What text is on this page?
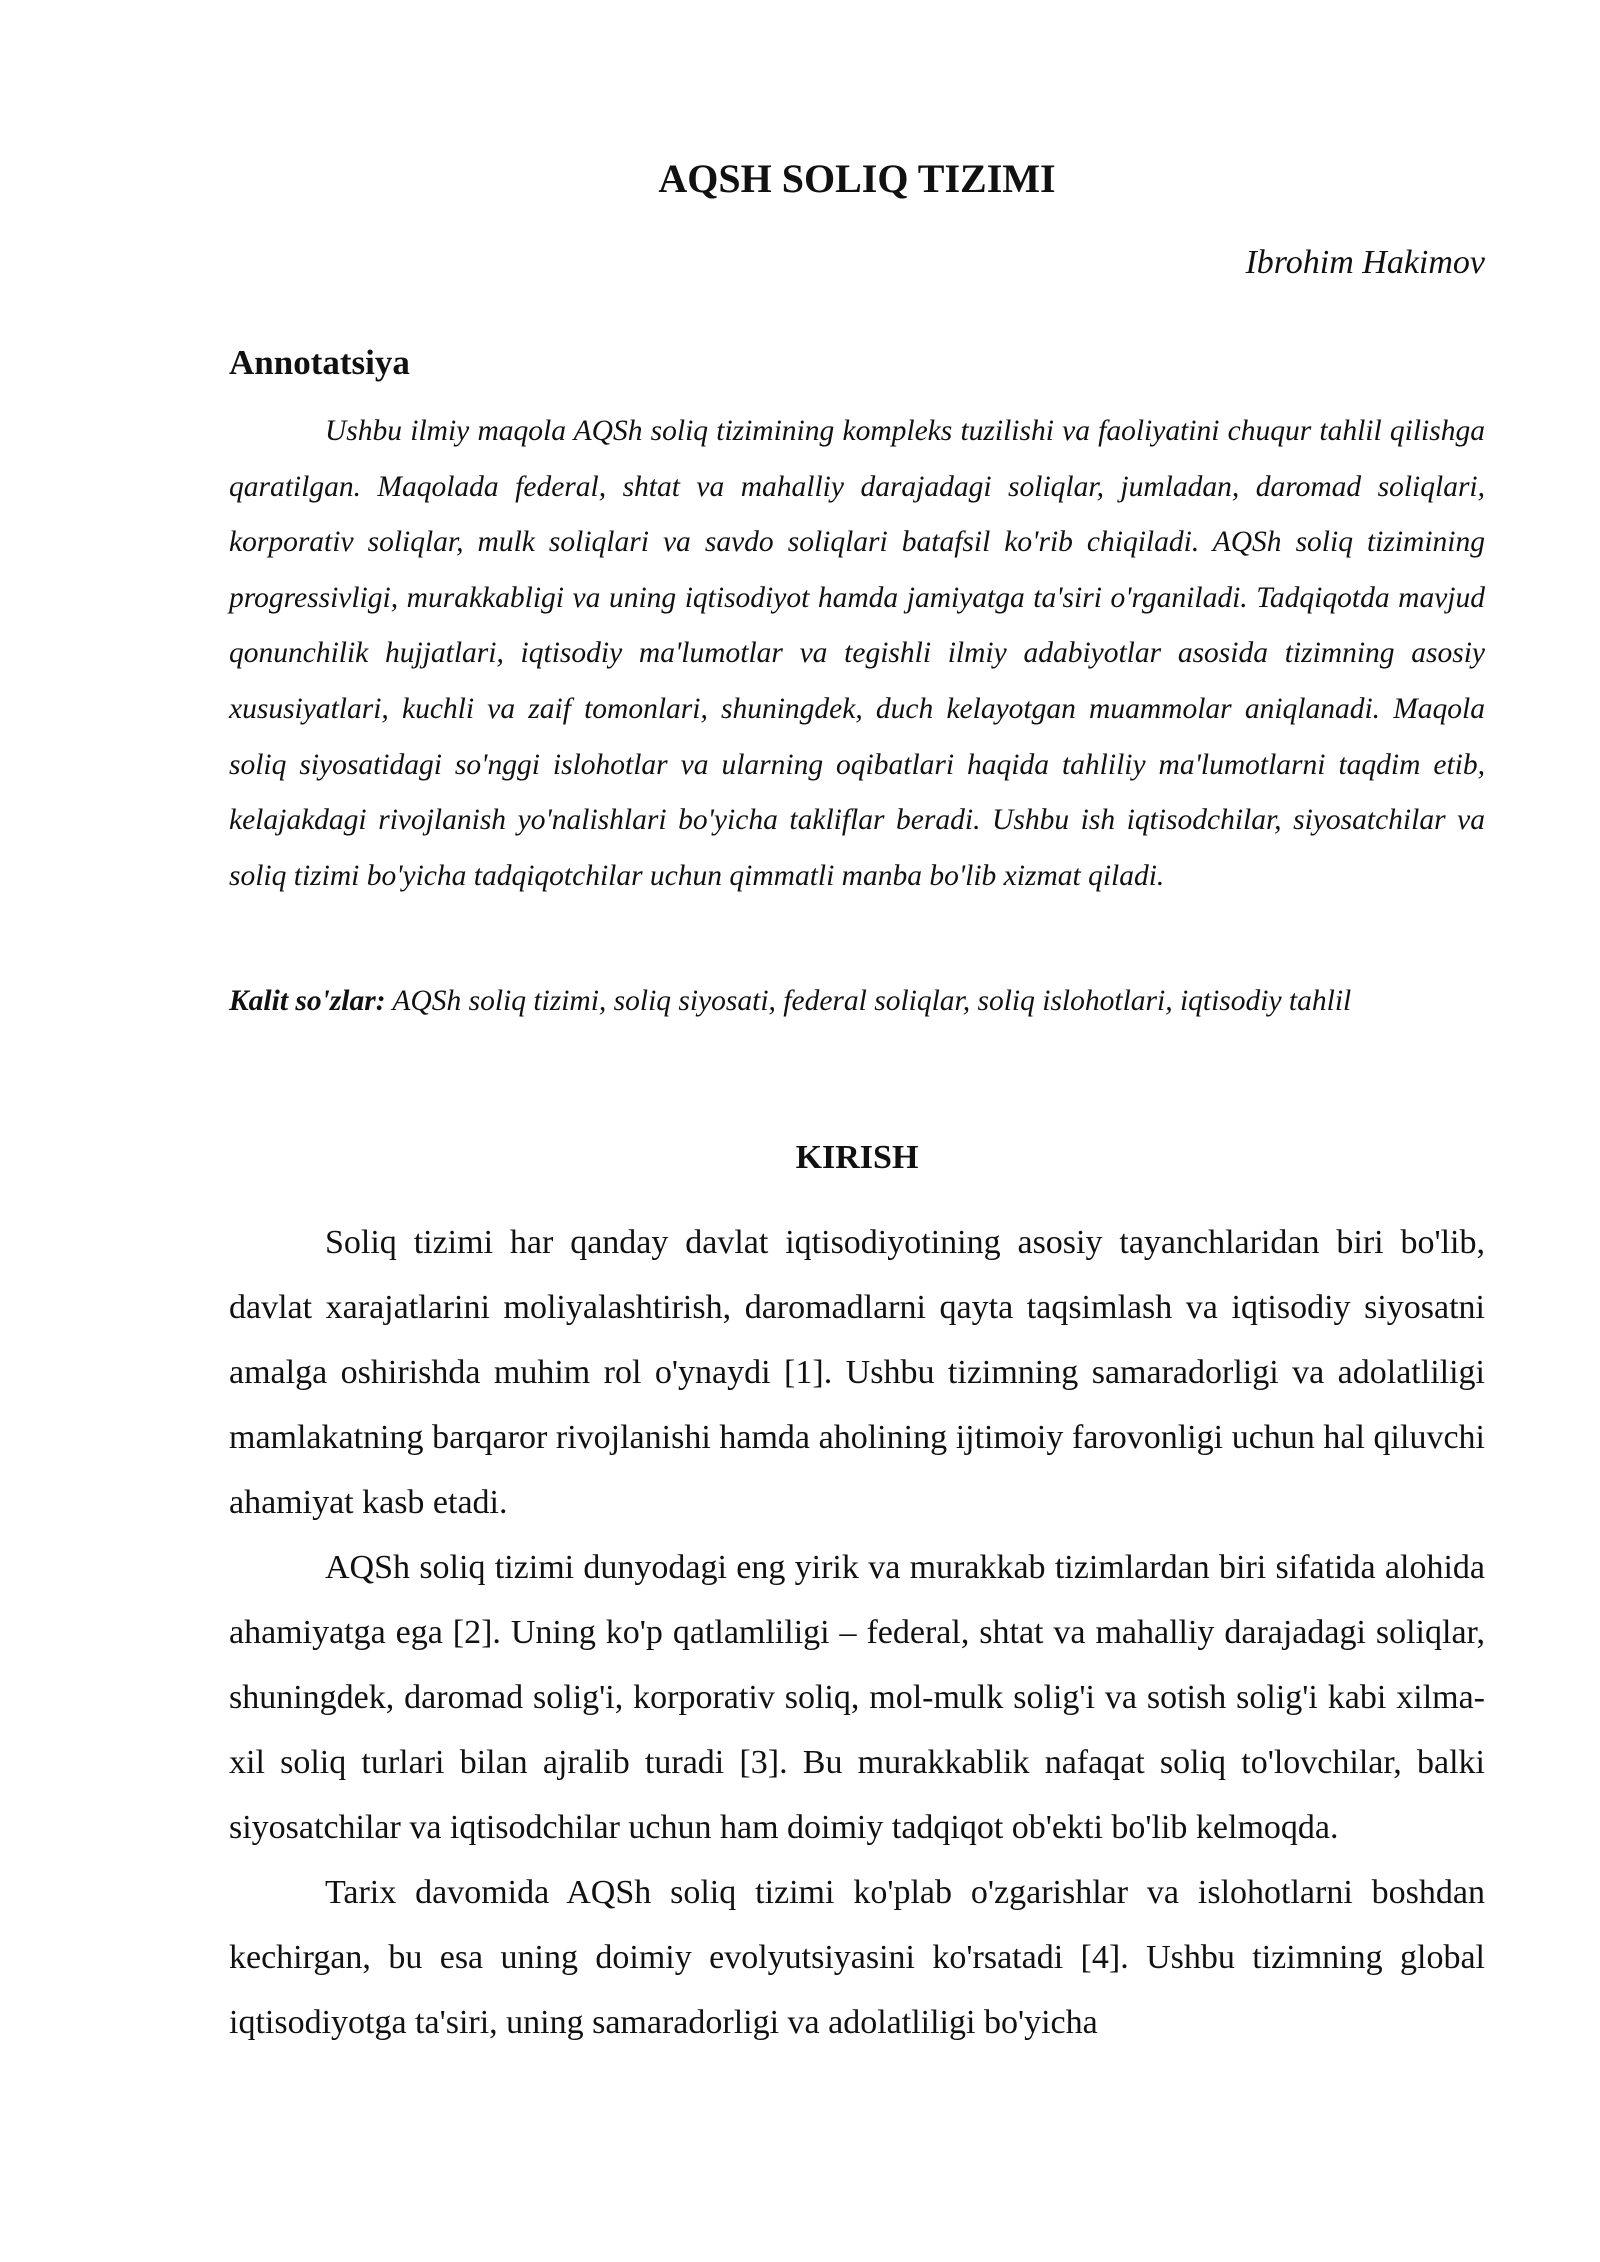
AQSH SOLIQ TIZIMI

Ibrohim Hakimov

Annotatsiya

Ushbu ilmiy maqola AQSh soliq tizimining kompleks tuzilishi va faoliyatini chuqur tahlil qilishga qaratilgan. Maqolada federal, shtat va mahalliy darajadagi soliqlar, jumladan, daromad soliqlari, korporativ soliqlar, mulk soliqlari va savdo soliqlari batafsil ko'rib chiqiladi. AQSh soliq tizimining progressivligi, murakkabligi va uning iqtisodiyot hamda jamiyatga ta'siri o'rganiladi. Tadqiqotda mavjud qonunchilik hujjatlari, iqtisodiy ma'lumotlar va tegishli ilmiy adabiyotlar asosida tizimning asosiy xususiyatlari, kuchli va zaif tomonlari, shuningdek, duch kelayotgan muammolar aniqlanadi. Maqola soliq siyosatidagi so'nggi islohotlar va ularning oqibatlari haqida tahliliy ma'lumotlarni taqdim etib, kelajakdagi rivojlanish yo'nalishlari bo'yicha takliflar beradi. Ushbu ish iqtisodchilar, siyosatchilar va soliq tizimi bo'yicha tadqiqotchilar uchun qimmatli manba bo'lib xizmat qiladi.

Kalit so'zlar: AQSh soliq tizimi, soliq siyosati, federal soliqlar, soliq islohotlari, iqtisodiy tahlil

KIRISH

Soliq tizimi har qanday davlat iqtisodiyotining asosiy tayanchlaridan biri bo'lib, davlat xarajatlarini moliyalashtirish, daromadlarni qayta taqsimlash va iqtisodiy siyosatni amalga oshirishda muhim rol o'ynaydi [1]. Ushbu tizimning samaradorligi va adolatliligi mamlakatning barqaror rivojlanishi hamda aholining ijtimoiy farovonligi uchun hal qiluvchi ahamiyat kasb etadi.

AQSh soliq tizimi dunyodagi eng yirik va murakkab tizimlardan biri sifatida alohida ahamiyatga ega [2]. Uning ko'p qatlamliligi – federal, shtat va mahalliy darajadagi soliqlar, shuningdek, daromad solig'i, korporativ soliq, mol-mulk solig'i va sotish solig'i kabi xilma-xil soliq turlari bilan ajralib turadi [3]. Bu murakkablik nafaqat soliq to'lovchilar, balki siyosatchilar va iqtisodchilar uchun ham doimiy tadqiqot ob'ekti bo'lib kelmoqda.

Tarix davomida AQSh soliq tizimi ko'plab o'zgarishlar va islohotlarni boshdan kechirgan, bu esa uning doimiy evolyutsiyasini ko'rsatadi [4]. Ushbu tizimning global iqtisodiyotga ta'siri, uning samaradorligi va adolatliligi bo'yicha
